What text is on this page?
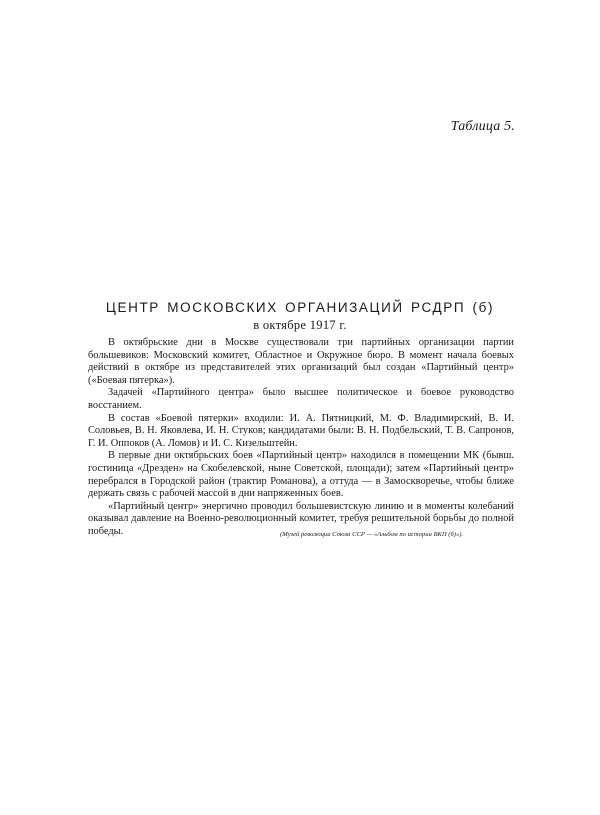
Таблица 5.
ЦЕНТР МОСКОВСКИХ ОРГАНИЗАЦИЙ РСДРП (б)
в октябре 1917 г.

В октябрьские дни в Москве существовали три партийных организации партии большевиков: Московский комитет, Областное и Окружное бюро. В момент начала боевых действий в октябре из представителей этих организаций был создан «Партийный центр» («Боевая пятерка»).

Задачей «Партийного центра» было высшее политическое и боевое руководство восстанием.

В состав «Боевой пятерки» входили: И. А. Пятницкий, М. Ф. Владимирский, В. И. Соловьев, В. Н. Яковлева, И. Н. Стуков; кандидатами были: В. Н. Подбельский, Т. В. Сапронов, Г. И. Оппоков (А. Ломов) и И. С. Кизельштейн.

В первые дни октябрьских боев «Партийный центр» находился в помещении МК (бывш. гостиница «Дрезден» на Скобелевской, ныне Советской, площади); затем «Партийный центр» перебрался в Городской район (трактир Романова), а оттуда — в Замоскворечье, чтобы ближе держать связь с рабочей массой в дни напряженных боев.

«Партийный центр» энергично проводил большевистскую линию и в моменты колебаний оказывал давление на Военно-революционный комитет, требуя решительной борьбы до полной победы.	(Музей революции Союза ССР — «Альбом по истории ВКП (б)»).
